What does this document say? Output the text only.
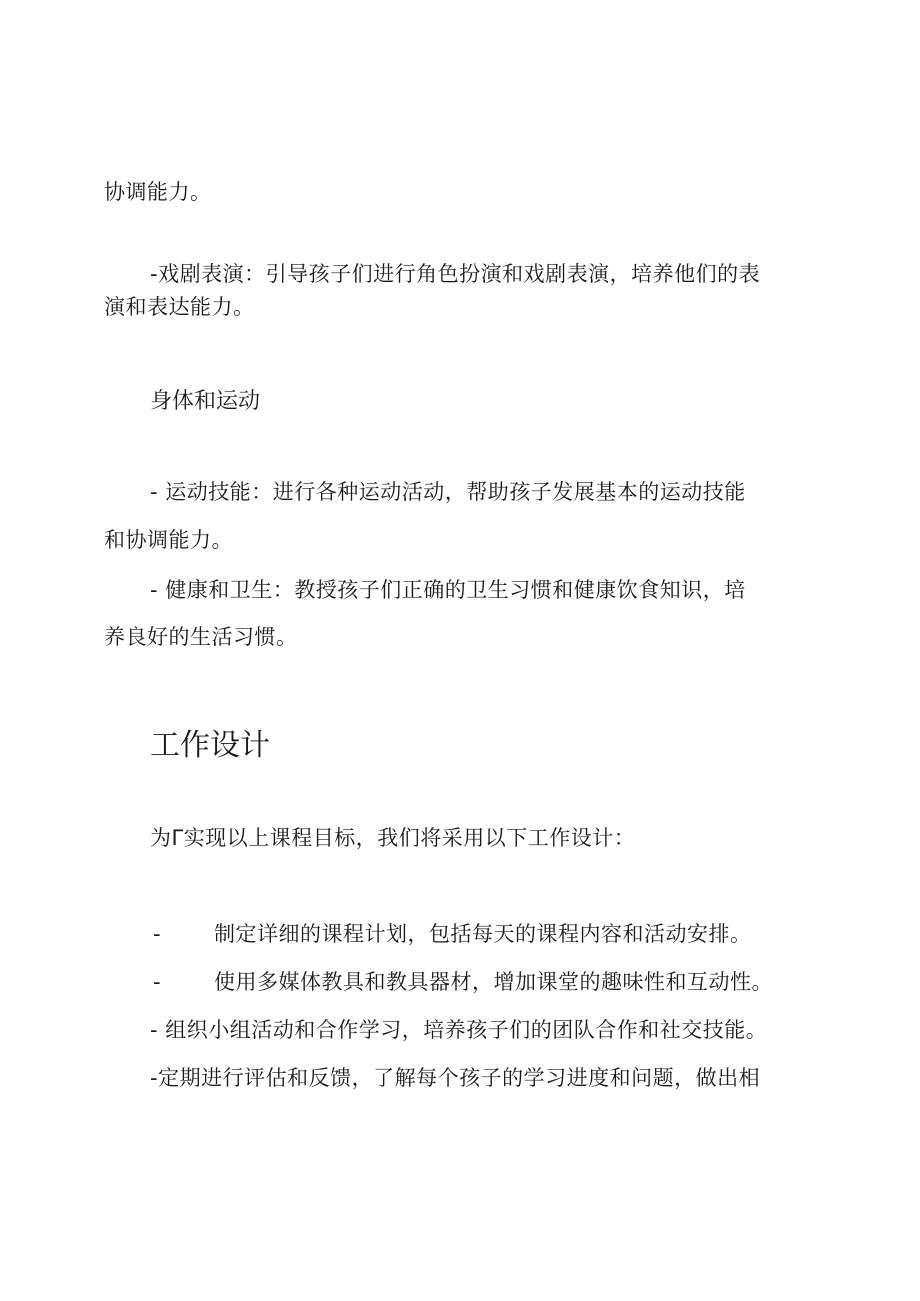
协调能力。
-戏剧表演：引导孩子们进行角色扮演和戏剧表演，培养他们的表
演和表达能力。
身体和运动
- 运动技能：进行各种运动活动，帮助孩子发展基本的运动技能
和协调能力。
- 健康和卫生：教授孩子们正确的卫生习惯和健康饮食知识，培
养良好的生活习惯。
工作设计
为Γ实现以上课程目标，我们将采用以下工作设计：
-	制定详细的课程计划，包括每天的课程内容和活动安排。
-	使用多媒体教具和教具器材，增加课堂的趣味性和互动性。
- 组织小组活动和合作学习，培养孩子们的团队合作和社交技能。
-定期进行评估和反馈，了解每个孩子的学习进度和问题，做出相
